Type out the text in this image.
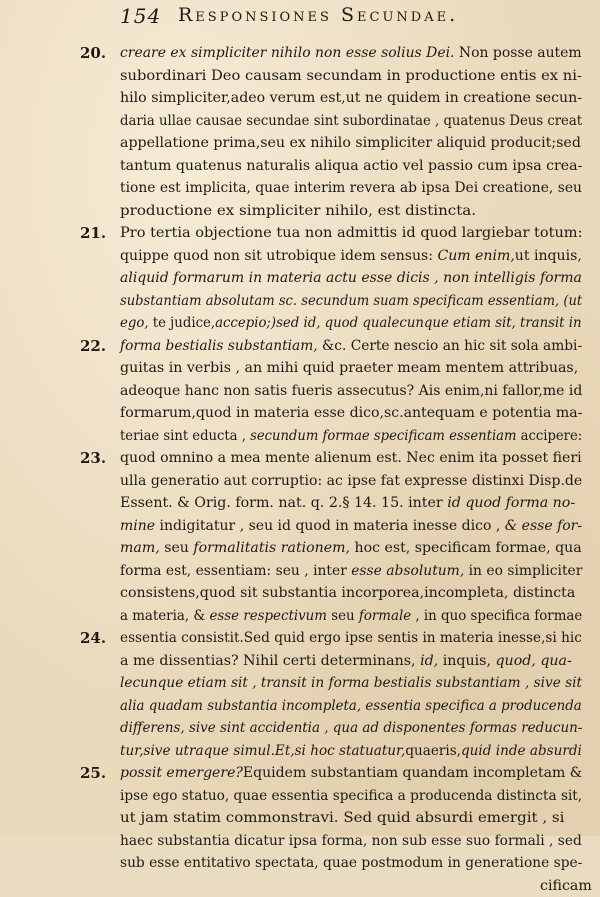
154 Responsiones Secundae.
20. creare ex simpliciter nihilo non esse solius Dei. Non posse autem
subordinari Deo causam secundam in productione entis ex ni-
hilo simpliciter,adeo verum est,ut ne quidem in creatione secun-
daria ullae causae secundae sint subordinatae , quatenus Deus creat
appellatione prima,seu ex nihilo simpliciter aliquid producit;sed
tantum quatenus naturalis aliqua actio vel passio cum ipsa crea-
tione est implicita, quae interim revera ab ipsa Dei creatione, seu
productione ex simpliciter nihilo, est distincta.
21. Pro tertia objectione tua non admittis id quod largiebar totum:
quippe quod non sit utrobique idem sensus: Cum enim,ut inquis,
aliquid formarum in materia actu esse dicis , non intelligis forma
substantiam absolutam sc. secundum suam specificam essentiam, (ut
ego, te judice,accepio;)sed id, quod qualecunque etiam sit, transit in
22. forma bestialis substantiam, &c. Certe nescio an hic sit sola ambi-
guitas in verbis , an mihi quid praeter meam mentem attribuas,
adeoque hanc non satis fueris assecutus? Ais enim,ni fallor,me id
formarum,quod in materia esse dico,sc.antequam e potentia ma-
teriae sint educta , secundum formae specificam essentiam accipere:
23. quod omnino a mea mente alienum est. Nec enim ita posset fieri
ulla generatio aut corruptio: ac ipse fat expresse distinxi Disp.de
Essent. & Orig. form. nat. q. 2.§ 14. 15. inter id quod forma no-
mine indigitatur , seu id quod in materia inesse dico , & esse for-
mam, seu formalitatis rationem, hoc est, specificam formae, qua
forma est, essentiam: seu , inter esse absolutum, in eo simpliciter
consistens,quod sit substantia incorporea,incompleta, distincta
a materia, & esse respectivum seu formale , in quo specifica formae
24. essentia consistit.Sed quid ergo ipse sentis in materia inesse,si hic
a me dissentias? Nihil certi determinans, id, inquis, quod, qua-
lecunque etiam sit , transit in forma bestialis substantiam , sive sit
alia quadam substantia incompleta, essentia specifica a producenda
differens, sive sint accidentia , qua ad disponentes formas reducun-
tur,sive utraque simul.Et,si hoc statuatur,quaeris,quid inde absurdi
25. possit emergere?Equidem substantiam quandam incompletam &
ipse ego statuo, quae essentia specifica a producenda distincta sit,
ut jam statim commonstravi. Sed quid absurdi emergit , si
haec substantia dicatur ipsa forma, non sub esse suo formali , sed
sub esse entitativo spectata, quae postmodum in generatione spe-
cificam
